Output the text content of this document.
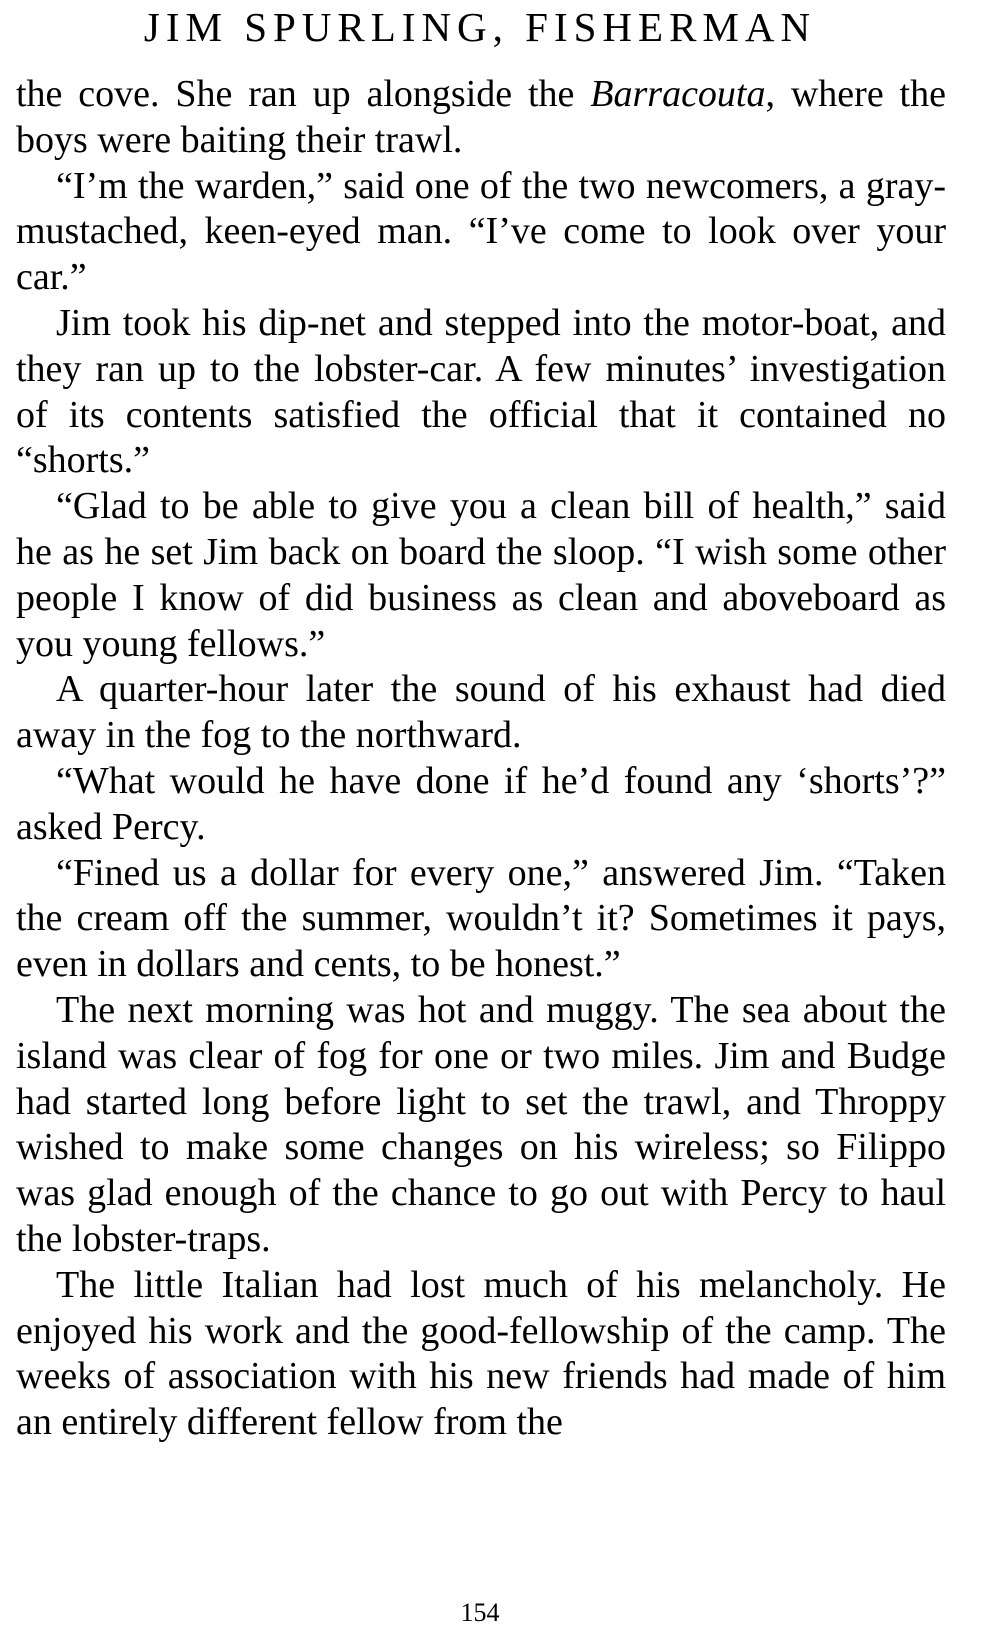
JIM SPURLING, FISHERMAN

the cove. She ran up alongside the Barracouta, where the boys were baiting their trawl.

“I’m the warden,” said one of the two newcomers, a gray-mustached, keen-eyed man. “I’ve come to look over your car.”

Jim took his dip-net and stepped into the motor-boat, and they ran up to the lobster-car. A few minutes’ investigation of its contents satisfied the official that it contained no “shorts.”

“Glad to be able to give you a clean bill of health,” said he as he set Jim back on board the sloop. “I wish some other people I know of did business as clean and aboveboard as you young fellows.”

A quarter-hour later the sound of his exhaust had died away in the fog to the northward.

“What would he have done if he’d found any ‘shorts’?” asked Percy.

“Fined us a dollar for every one,” answered Jim. “Taken the cream off the summer, wouldn’t it? Sometimes it pays, even in dollars and cents, to be honest.”

The next morning was hot and muggy. The sea about the island was clear of fog for one or two miles. Jim and Budge had started long before light to set the trawl, and Throppy wished to make some changes on his wireless; so Filippo was glad enough of the chance to go out with Percy to haul the lobster-traps.

The little Italian had lost much of his melancholy. He enjoyed his work and the good-fellowship of the camp. The weeks of association with his new friends had made of him an entirely different fellow from the

154
